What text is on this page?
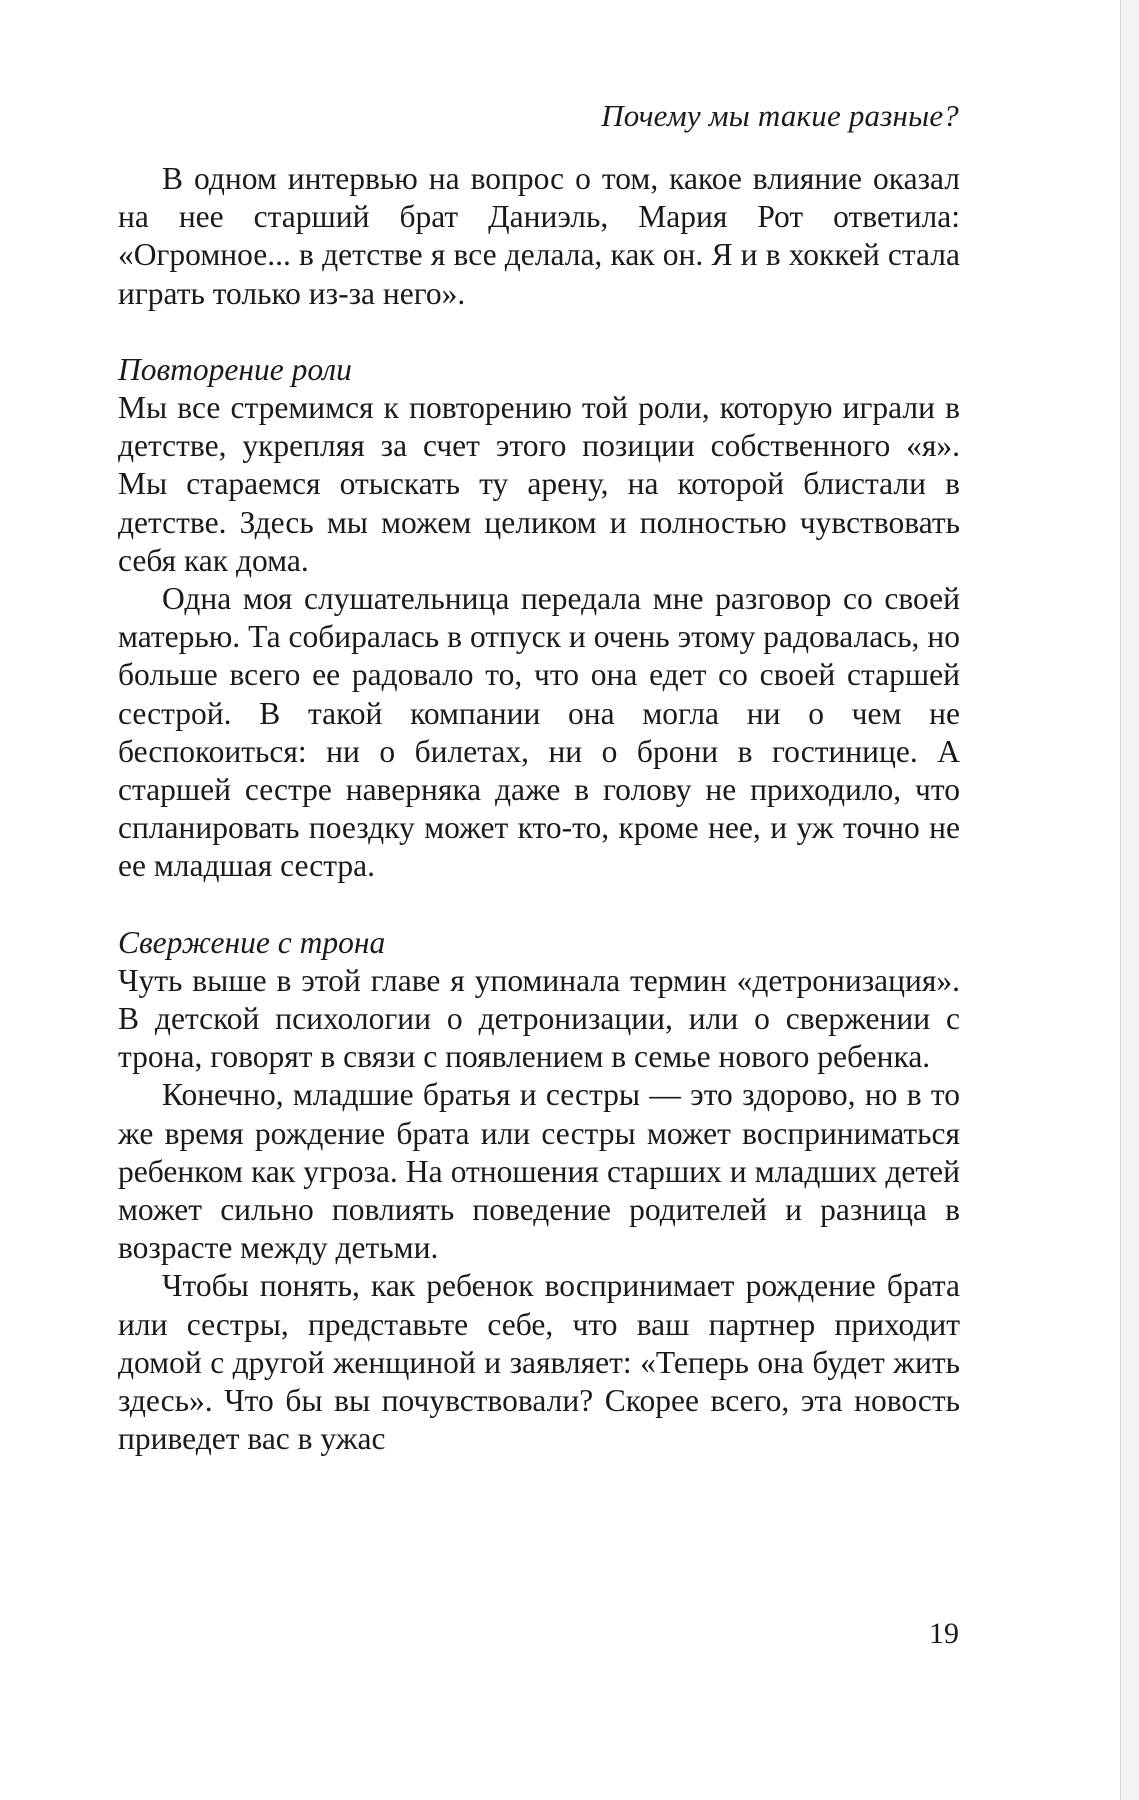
Почему мы такие разные?

В одном интервью на вопрос о том, какое влияние оказал на нее старший брат Даниэль, Мария Рот ответила: «Огромное... в детстве я все делала, как он. Я и в хоккей стала играть только из-за него».

Повторение роли

Мы все стремимся к повторению той роли, которую играли в детстве, укрепляя за счет этого позиции собственного «я». Мы стараемся отыскать ту арену, на которой блистали в детстве. Здесь мы можем целиком и полностью чувствовать себя как дома.

Одна моя слушательница передала мне разговор со своей матерью. Та собиралась в отпуск и очень этому радовалась, но больше всего ее радовало то, что она едет со своей старшей сестрой. В такой компании она могла ни о чем не беспокоиться: ни о билетах, ни о брони в гостинице. А старшей сестре наверняка даже в голову не приходило, что спланировать поездку может кто-то, кроме нее, и уж точно не ее младшая сестра.

Свержение с трона

Чуть выше в этой главе я упоминала термин «детронизация». В детской психологии о детронизации, или о свержении с трона, говорят в связи с появлением в семье нового ребенка.

Конечно, младшие братья и сестры — это здорово, но в то же время рождение брата или сестры может восприниматься ребенком как угроза. На отношения старших и младших детей может сильно повлиять поведение родителей и разница в возрасте между детьми.

Чтобы понять, как ребенок воспринимает рождение брата или сестры, представьте себе, что ваш партнер приходит домой с другой женщиной и заявляет: «Теперь она будет жить здесь». Что бы вы почувствовали? Скорее всего, эта новость приведет вас в ужас

19
